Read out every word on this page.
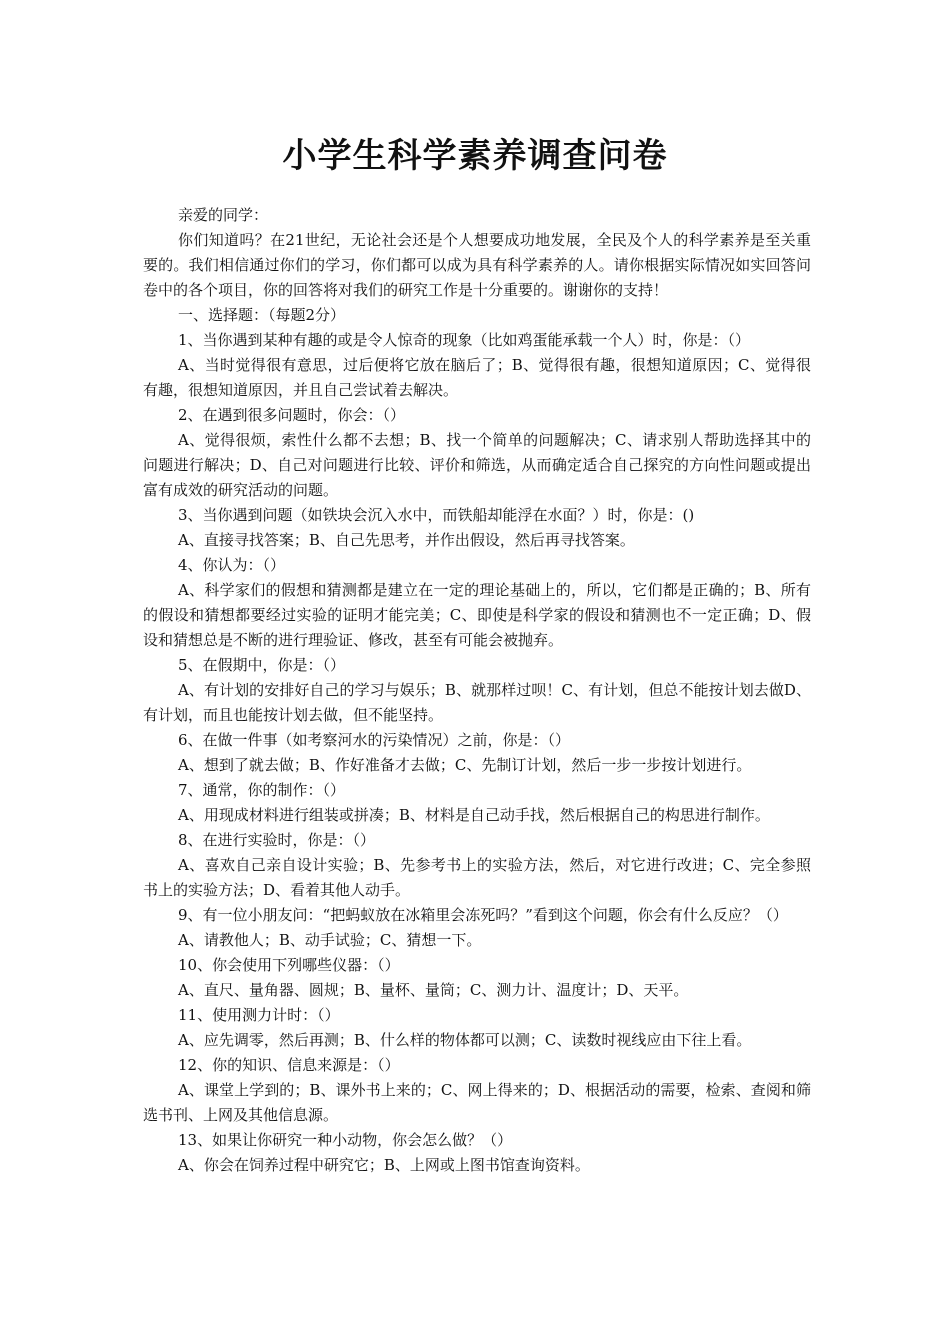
小学生科学素养调查问卷

亲爱的同学：

你们知道吗？在21世纪，无论社会还是个人想要成功地发展，全民及个人的科学素养是至关重要的。我们相信通过你们的学习，你们都可以成为具有科学素养的人。请你根据实际情况如实回答问卷中的各个项目，你的回答将对我们的研究工作是十分重要的。谢谢你的支持！

一、选择题：（每题2分）

1、当你遇到某种有趣的或是令人惊奇的现象（比如鸡蛋能承载一个人）时，你是：（）

A、当时觉得很有意思，过后便将它放在脑后了；B、觉得很有趣，很想知道原因；C、觉得很有趣，很想知道原因，并且自己尝试着去解决。

2、在遇到很多问题时，你会：（）

A、觉得很烦，索性什么都不去想；B、找一个简单的问题解决；C、请求别人帮助选择其中的问题进行解决；D、自己对问题进行比较、评价和筛选，从而确定适合自己探究的方向性问题或提出富有成效的研究活动的问题。

3、当你遇到问题（如铁块会沉入水中，而铁船却能浮在水面？）时，你是：()

A、直接寻找答案；B、自己先思考，并作出假设，然后再寻找答案。

4、你认为：（）

A、科学家们的假想和猜测都是建立在一定的理论基础上的，所以，它们都是正确的；B、所有的假设和猜想都要经过实验的证明才能完美；C、即使是科学家的假设和猜测也不一定正确；D、假设和猜想总是不断的进行理验证、修改，甚至有可能会被抛弃。

5、在假期中，你是：（）

A、有计划的安排好自己的学习与娱乐；B、就那样过呗！C、有计划，但总不能按计划去做D、有计划，而且也能按计划去做，但不能坚持。

6、在做一件事（如考察河水的污染情况）之前，你是：（）

A、想到了就去做；B、作好准备才去做；C、先制订计划，然后一步一步按计划进行。

7、通常，你的制作：（）

A、用现成材料进行组装或拼凑；B、材料是自己动手找，然后根据自己的构思进行制作。

8、在进行实验时，你是：（）

A、喜欢自己亲自设计实验；B、先参考书上的实验方法，然后，对它进行改进；C、完全参照书上的实验方法；D、看着其他人动手。

9、有一位小朋友问：“把蚂蚁放在冰箱里会冻死吗？”看到这个问题，你会有什么反应？（）

A、请教他人；B、动手试验；C、猜想一下。

10、你会使用下列哪些仪器：（）

A、直尺、量角器、圆规；B、量杯、量筒；C、测力计、温度计；D、天平。

11、使用测力计时：（）

A、应先调零，然后再测；B、什么样的物体都可以测；C、读数时视线应由下往上看。

12、你的知识、信息来源是：（）

A、课堂上学到的；B、课外书上来的；C、网上得来的；D、根据活动的需要，检索、查阅和筛选书刊、上网及其他信息源。

13、如果让你研究一种小动物，你会怎么做？（）

A、你会在饲养过程中研究它；B、上网或上图书馆查询资料。
